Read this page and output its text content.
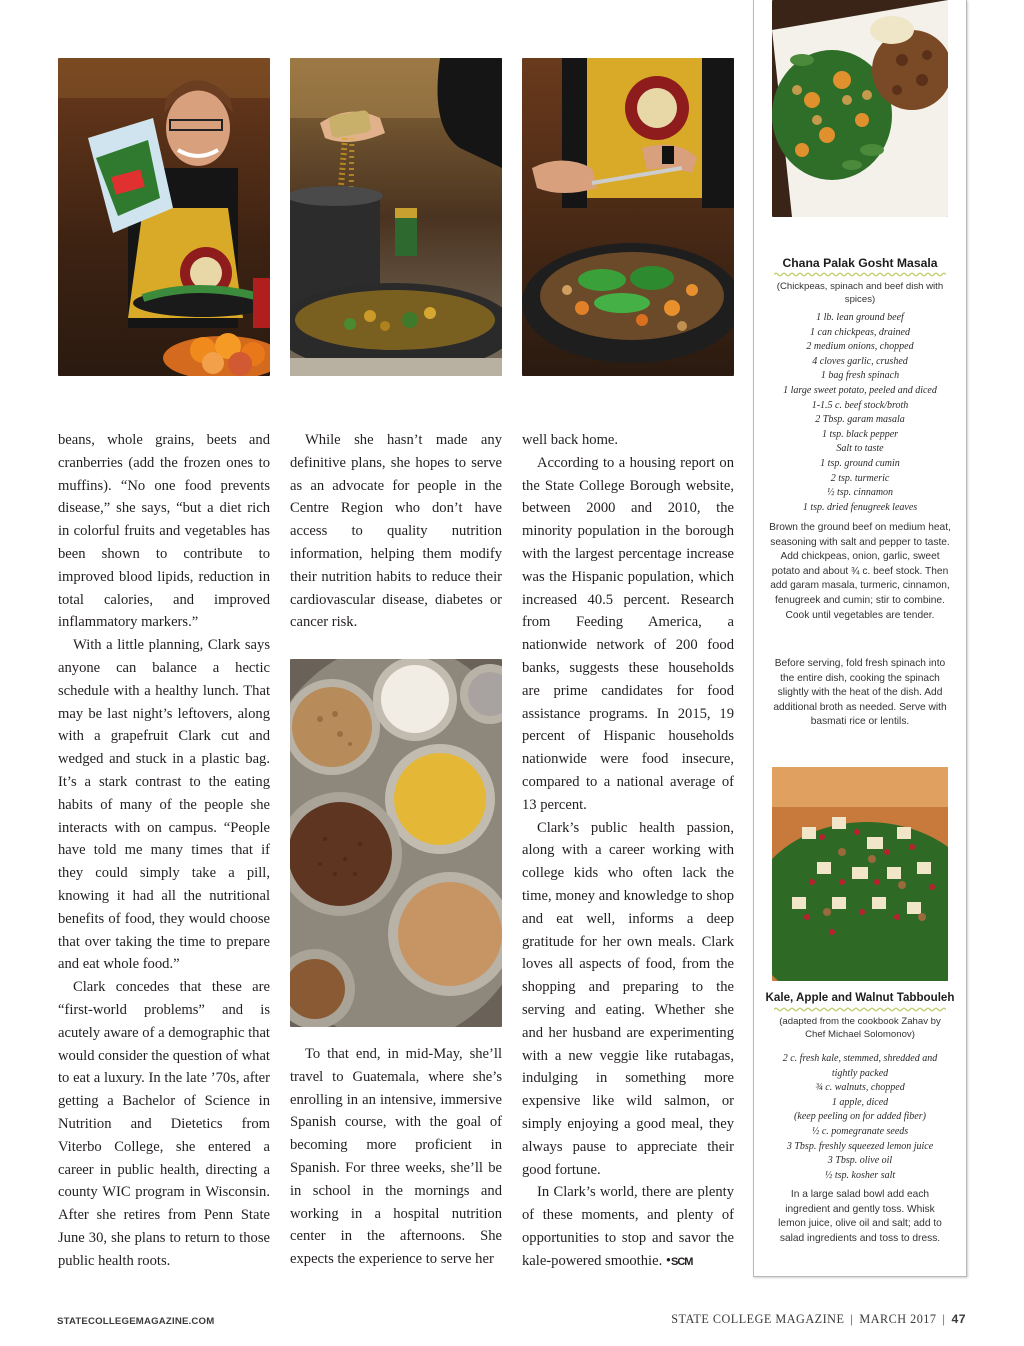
beans, whole grains, beets and cranberries (add the frozen ones to muffins). “No one food prevents disease,” she says, “but a diet rich in colorful fruits and vegetables has been shown to contribute to improved blood lipids, reduction in total calories, and improved inflammatory markers.”

With a little planning, Clark says anyone can balance a hectic schedule with a healthy lunch. That may be last night’s leftovers, along with a grapefruit Clark cut and wedged and stuck in a plastic bag. It’s a stark contrast to the eating habits of many of the people she interacts with on campus. “People have told me many times that if they could simply take a pill, knowing it had all the nutritional benefits of food, they would choose that over taking the time to prepare and eat whole food.”

Clark concedes that these are “first-world problems” and is acutely aware of a demographic that would consider the question of what to eat a luxury. In the late ’70s, after getting a Bachelor of Science in Nutrition and Dietetics from Viterbo College, she entered a career in public health, directing a county WIC program in Wisconsin. After she retires from Penn State June 30, she plans to return to those public health roots.

While she hasn’t made any definitive plans, she hopes to serve as an advocate for people in the Centre Region who don’t have access to quality nutrition information, helping them modify their nutrition habits to reduce their cardiovascular disease, diabetes or cancer risk.

To that end, in mid-May, she’ll travel to Guatemala, where she’s enrolling in an intensive, immersive Spanish course, with the goal of becoming more proficient in Spanish. For three weeks, she’ll be in school in the mornings and working in a hospital nutrition center in the afternoons. She expects the experience to serve her

well back home.

According to a housing report on the State College Borough website, between 2000 and 2010, the minority population in the borough with the largest percentage increase was the Hispanic population, which increased 40.5 percent. Research from Feeding America, a nationwide network of 200 food banks, suggests these households are prime candidates for food assistance programs. In 2015, 19 percent of Hispanic households nationwide were food insecure, compared to a national average of 13 percent.

Clark’s public health passion, along with a career working with college kids who often lack the time, money and knowledge to shop and eat well, informs a deep gratitude for her own meals. Clark loves all aspects of food, from the shopping and preparing to the serving and eating. Whether she and her husband are experimenting with a new veggie like rutabagas, indulging in something more expensive like wild salmon, or simply enjoying a good meal, they always pause to appreciate their good fortune.

In Clark’s world, there are plenty of these moments, and plenty of opportunities to stop and savor the kale-powered smoothie. •SCM

Chana Palak Gosht Masala
(Chickpeas, spinach and beef dish with spices)
1 lb. lean ground beef
1 can chickpeas, drained
2 medium onions, chopped
4 cloves garlic, crushed
1 bag fresh spinach
1 large sweet potato, peeled and diced
1-1.5 c. beef stock/broth
2 Tbsp. garam masala
1 tsp. black pepper
Salt to taste
1 tsp. ground cumin
2 tsp. turmeric
½ tsp. cinnamon
1 tsp. dried fenugreek leaves

Brown the ground beef on medium heat, seasoning with salt and pepper to taste. Add chickpeas, onion, garlic, sweet potato and about ¾ c. beef stock. Then add garam masala, turmeric, cinnamon, fenugreek and cumin; stir to combine. Cook until vegetables are tender.

Before serving, fold fresh spinach into the entire dish, cooking the spinach slightly with the heat of the dish. Add additional broth as needed. Serve with basmati rice or lentils.

Kale, Apple and Walnut Tabbouleh
(adapted from the cookbook Zahav by Chef Michael Solomonov)
2 c. fresh kale, stemmed, shredded and tightly packed
¾ c. walnuts, chopped
1 apple, diced
(keep peeling on for added fiber)
½ c. pomegranate seeds
3 Tbsp. freshly squeezed lemon juice
3 Tbsp. olive oil
½ tsp. kosher salt

In a large salad bowl add each ingredient and gently toss. Whisk lemon juice, olive oil and salt; add to salad ingredients and toss to dress.

STATECOLLEGEMAGAZINE.COM	STATE COLLEGE MAGAZINE | MARCH 2017 | 47
